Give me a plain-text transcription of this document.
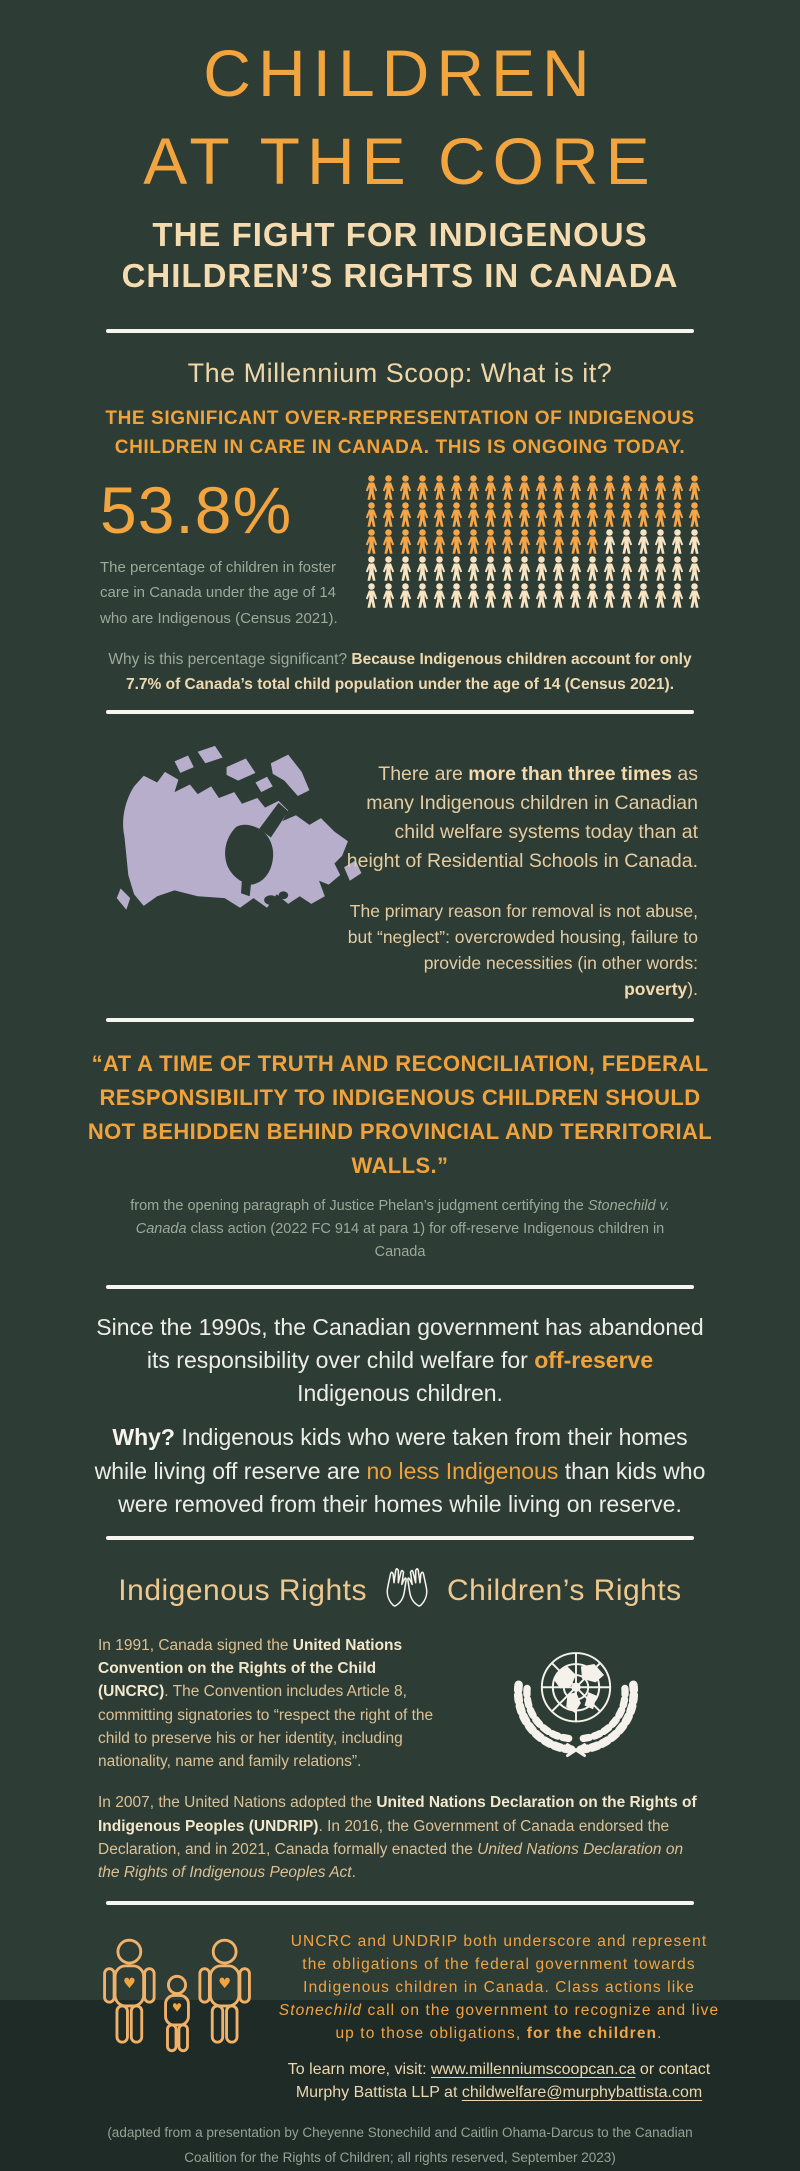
CHILDREN
AT THE CORE
THE FIGHT FOR INDIGENOUS
CHILDREN’S RIGHTS IN CANADA
The Millennium Scoop: What is it?
THE SIGNIFICANT OVER-REPRESENTATION OF INDIGENOUS
CHILDREN IN CARE IN CANADA. THIS IS ONGOING TODAY.
53.8%
The percentage of children in foster care in Canada under the age of 14 who are Indigenous (Census 2021).
Why is this percentage significant? Because Indigenous children account for only 7.7% of Canada’s total child population under the age of 14 (Census 2021).

There are more than three times as many Indigenous children in Canadian child welfare systems today than at height of Residential Schools in Canada.

The primary reason for removal is not abuse, but “neglect”: overcrowded housing, failure to provide necessities (in other words: poverty).

“AT A TIME OF TRUTH AND RECONCILIATION, FEDERAL RESPONSIBILITY TO INDIGENOUS CHILDREN SHOULD NOT BEHIDDEN BEHIND PROVINCIAL AND TERRITORIAL WALLS.”
from the opening paragraph of Justice Phelan’s judgment certifying the Stonechild v. Canada class action (2022 FC 914 at para 1) for off-reserve Indigenous children in Canada
Since the 1990s, the Canadian government has abandoned its responsibility over child welfare for off-reserve Indigenous children.
Why? Indigenous kids who were taken from their homes while living off reserve are no less Indigenous than kids who were removed from their homes while living on reserve.
Indigenous Rights	Children’s Rights
In 1991, Canada signed the United Nations Convention on the Rights of the Child (UNCRC). The Convention includes Article 8, committing signatories to “respect the right of the child to preserve his or her identity, including nationality, name and family relations”.
In 2007, the United Nations adopted the United Nations Declaration on the Rights of Indigenous Peoples (UNDRIP). In 2016, the Government of Canada endorsed the Declaration, and in 2021, Canada formally enacted the United Nations Declaration on the Rights of Indigenous Peoples Act.
♥	♥
♥

UNCRC and UNDRIP both underscore and represent the obligations of the federal government towards Indigenous children in Canada. Class actions like Stonechild call on the government to recognize and live up to those obligations, for the children.

To learn more, visit: www.millenniumscoopcan.ca or contact Murphy Battista LLP at childwelfare@murphybattista.com
(adapted from a presentation by Cheyenne Stonechild and Caitlin Ohama-Darcus to the Canadian Coalition for the Rights of Children; all rights reserved, September 2023)
